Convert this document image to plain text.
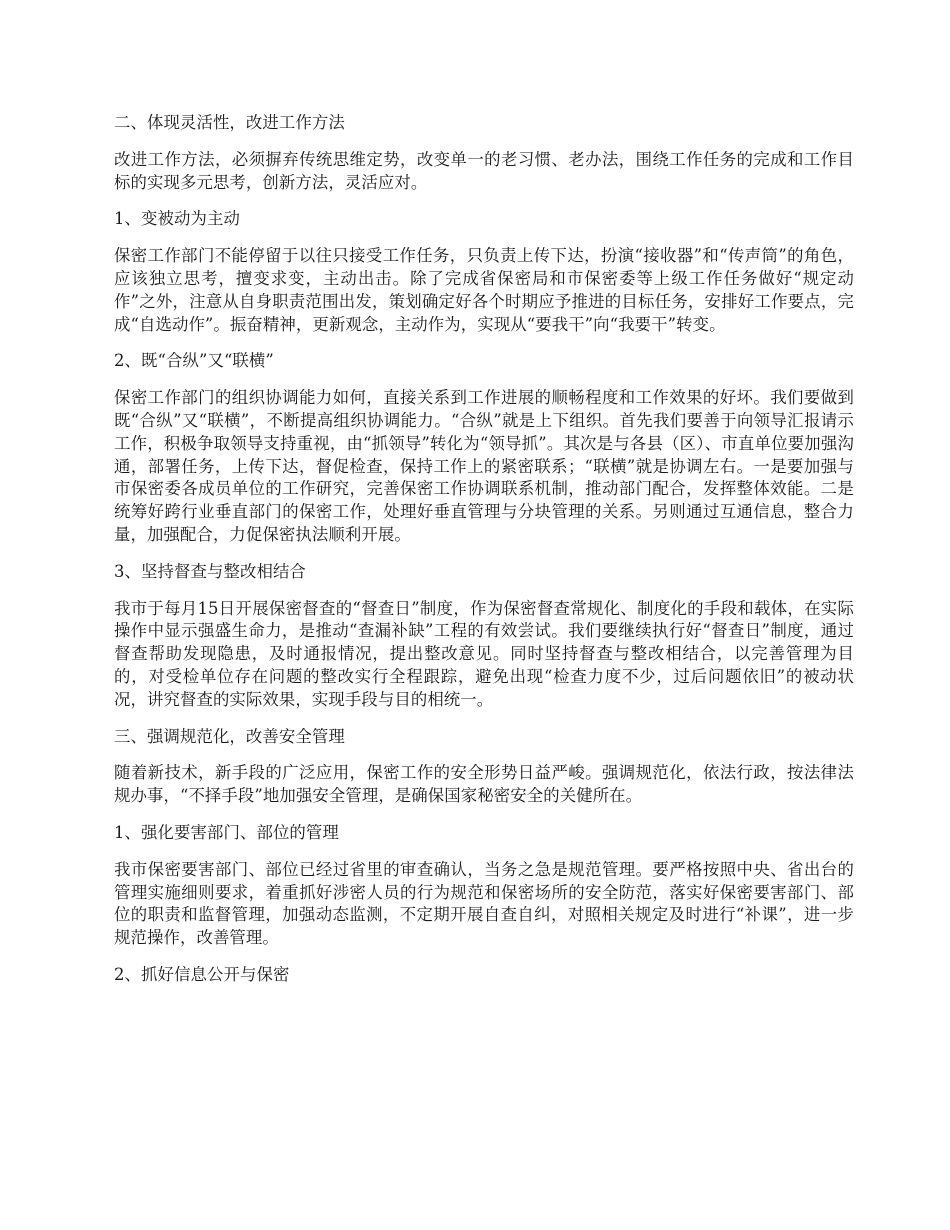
二、体现灵活性，改进工作方法

改进工作方法，必须摒弃传统思维定势，改变单一的老习惯、老办法，围绕工作任务的完成和工作目标的实现多元思考，创新方法，灵活应对。

1、变被动为主动

保密工作部门不能停留于以往只接受工作任务，只负责上传下达，扮演“接收器”和“传声筒”的角色，应该独立思考，擅变求变，主动出击。除了完成省保密局和市保密委等上级工作任务做好“规定动作”之外，注意从自身职责范围出发，策划确定好各个时期应予推进的目标任务，安排好工作要点，完成“自选动作”。振奋精神，更新观念，主动作为，实现从“要我干”向“我要干”转变。

2、既“合纵”又“联横”

保密工作部门的组织协调能力如何，直接关系到工作进展的顺畅程度和工作效果的好坏。我们要做到既“合纵”又“联横”，不断提高组织协调能力。“合纵”就是上下组织。首先我们要善于向领导汇报请示工作，积极争取领导支持重视，由“抓领导”转化为“领导抓”。其次是与各县（区）、市直单位要加强沟通，部署任务，上传下达，督促检查，保持工作上的紧密联系；“联横”就是协调左右。一是要加强与市保密委各成员单位的工作研究，完善保密工作协调联系机制，推动部门配合，发挥整体效能。二是统筹好跨行业垂直部门的保密工作，处理好垂直管理与分块管理的关系。另则通过互通信息，整合力量，加强配合，力促保密执法顺利开展。

3、坚持督查与整改相结合

我市于每月15日开展保密督查的“督查日”制度，作为保密督查常规化、制度化的手段和载体，在实际操作中显示强盛生命力，是推动“查漏补缺”工程的有效尝试。我们要继续执行好“督查日”制度，通过督查帮助发现隐患，及时通报情况，提出整改意见。同时坚持督查与整改相结合，以完善管理为目的，对受检单位存在问题的整改实行全程跟踪，避免出现“检查力度不少，过后问题依旧”的被动状况，讲究督查的实际效果，实现手段与目的相统一。

三、强调规范化，改善安全管理

随着新技术，新手段的广泛应用，保密工作的安全形势日益严峻。强调规范化，依法行政，按法律法规办事，“不择手段”地加强安全管理，是确保国家秘密安全的关健所在。

1、强化要害部门、部位的管理

我市保密要害部门、部位已经过省里的审查确认，当务之急是规范管理。要严格按照中央、省出台的管理实施细则要求，着重抓好涉密人员的行为规范和保密场所的安全防范，落实好保密要害部门、部位的职责和监督管理，加强动态监测，不定期开展自查自纠，对照相关规定及时进行“补课”，进一步规范操作，改善管理。

2、抓好信息公开与保密
